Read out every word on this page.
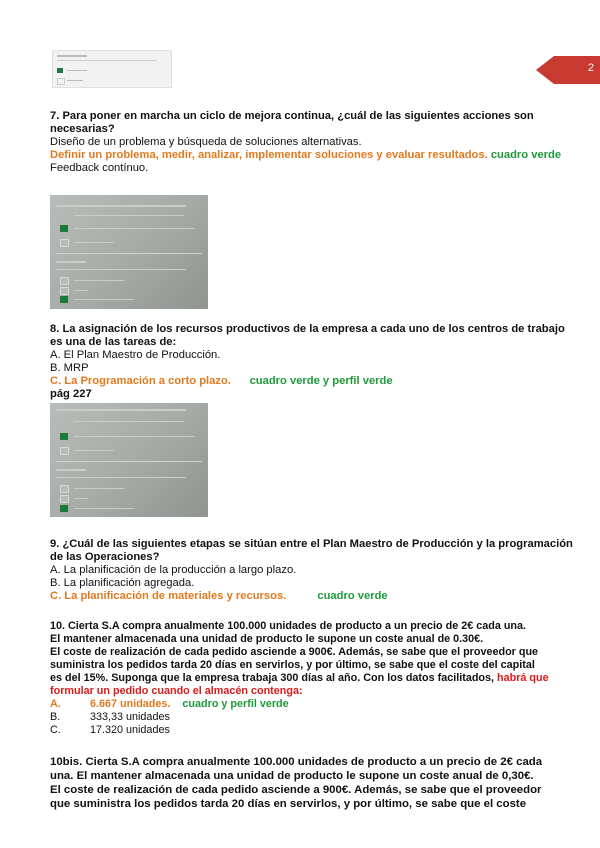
2
7. Para poner en marcha un ciclo de mejora continua, ¿cuál de las siguientes acciones son necesarias?
Diseño de un problema y búsqueda de soluciones alternativas.
Definir un problema, medir, analizar, implementar soluciones y evaluar resultados. cuadro verde
Feedback contínuo.
8. La asignación de los recursos productivos de la empresa a cada uno de los centros de trabajo es una de las tareas de:
A. El Plan Maestro de Producción.
B. MRP
C. La Programación a corto plazo. cuadro verde y perfil verde
pág 227
9. ¿Cuál de las siguientes etapas se sitúan entre el Plan Maestro de Producción y la programación de las Operaciones?
A. La planificación de la producción a largo plazo.
B. La planificación agregada.
C. La planificación de materiales y recursos.	cuadro verde
10. Cierta S.A compra anualmente 100.000 unidades de producto a un precio de 2€ cada una.
El mantener almacenada una unidad de producto le supone un coste anual de 0.30€.
El coste de realización de cada pedido asciende a 900€. Además, se sabe que el proveedor que
suministra los pedidos tarda 20 días en servirlos, y por último, se sabe que el coste del capital
es del 15%. Suponga que la empresa trabaja 300 días al año. Con los datos facilitados, habrá que formular un pedido cuando el almacén contenga:
A.	6.667 unidades.
cuadro y perfil verde
B.	333,33 unidades
C.	17.320 unidades
10bis. Cierta S.A compra anualmente 100.000 unidades de producto a un precio de 2€ cada
una. El mantener almacenada una unidad de producto le supone un coste anual de 0,30€.
El coste de realización de cada pedido asciende a 900€. Además, se sabe que el proveedor
que suministra los pedidos tarda 20 días en servirlos, y por último, se sabe que el coste
